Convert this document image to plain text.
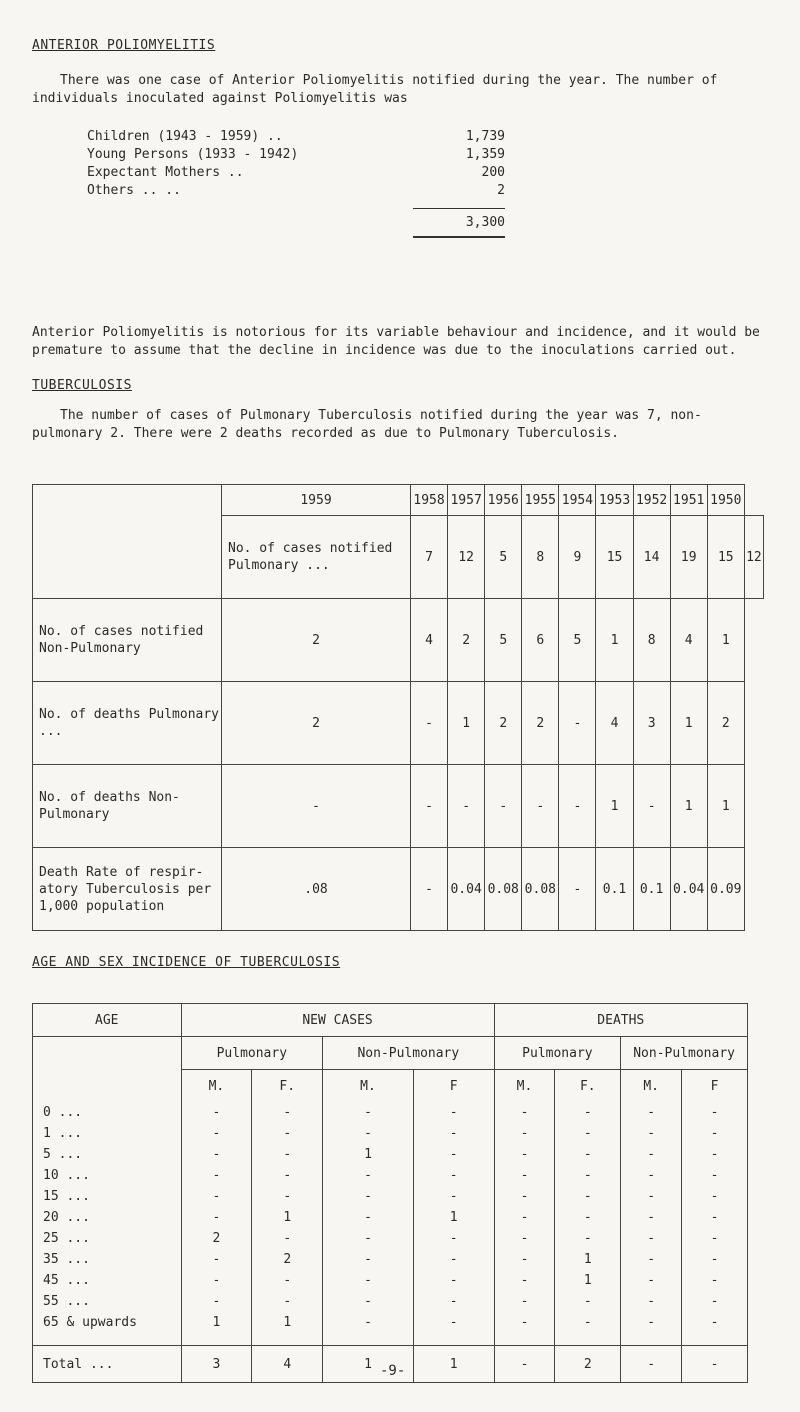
ANTERIOR POLIOMYELITIS
There was one case of Anterior Poliomyelitis notified during the year. The number of individuals inoculated against Poliomyelitis was
Children (1943 - 1959) ..	1,739
Young Persons (1933 - 1942)	1,359
Expectant Mothers ..	200
Others .. ..	2
3,300
Anterior Poliomyelitis is notorious for its variable behaviour and incidence, and it would be premature to assume that the decline in incidence was due to the inoculations carried out.
TUBERCULOSIS
The number of cases of Pulmonary Tuberculosis notified during the year was 7, non-pulmonary 2. There were 2 deaths recorded as due to Pulmonary Tuberculosis.
	1959	1958	1957	1956	1955	1954	1953	1952	1951	1950	
	No. of cases notified Pulmonary ...	7	12	5	8	9	15	14	19	15	12
No. of cases notified Non-Pulmonary	2	4	2	5	6	5	1	8	4	1	
No. of deaths Pulmonary ...	2	-	1	2	2	-	4	3	1	2	
No. of deaths Non-Pulmonary	-	-	-	-	-	-	1	-	1	1	
Death Rate of respir-atory Tuberculosis per 1,000 population	.08	-	0.04	0.08	0.08	-	0.1	0.1	0.04	0.09	
AGE AND SEX INCIDENCE OF TUBERCULOSIS
AGE	NEW CASES				DEATHS			
	Pulmonary		Non-Pulmonary		Pulmonary		Non-Pulmonary	
	M.	F.	M.	F	M.	F.	M.	F
0 ...	-	-	-	-	-	-	-	-
1 ...	-	-	-	-	-	-	-	-
5 ...	-	-	1	-	-	-	-	-
10 ...	-	-	-	-	-	-	-	-
15 ...	-	-	-	-	-	-	-	-
20 ...	-	1	-	1	-	-	-	-
25 ...	2	-	-	-	-	-	-	-
35 ...	-	2	-	-	-	1	-	-
45 ...	-	-	-	-	-	1	-	-
55 ...	-	-	-	-	-	-	-	-
65 & upwards	1	1	-	-	-	-	-	-
Total ...	3	4	1	1	-	2	-	-
-9-
